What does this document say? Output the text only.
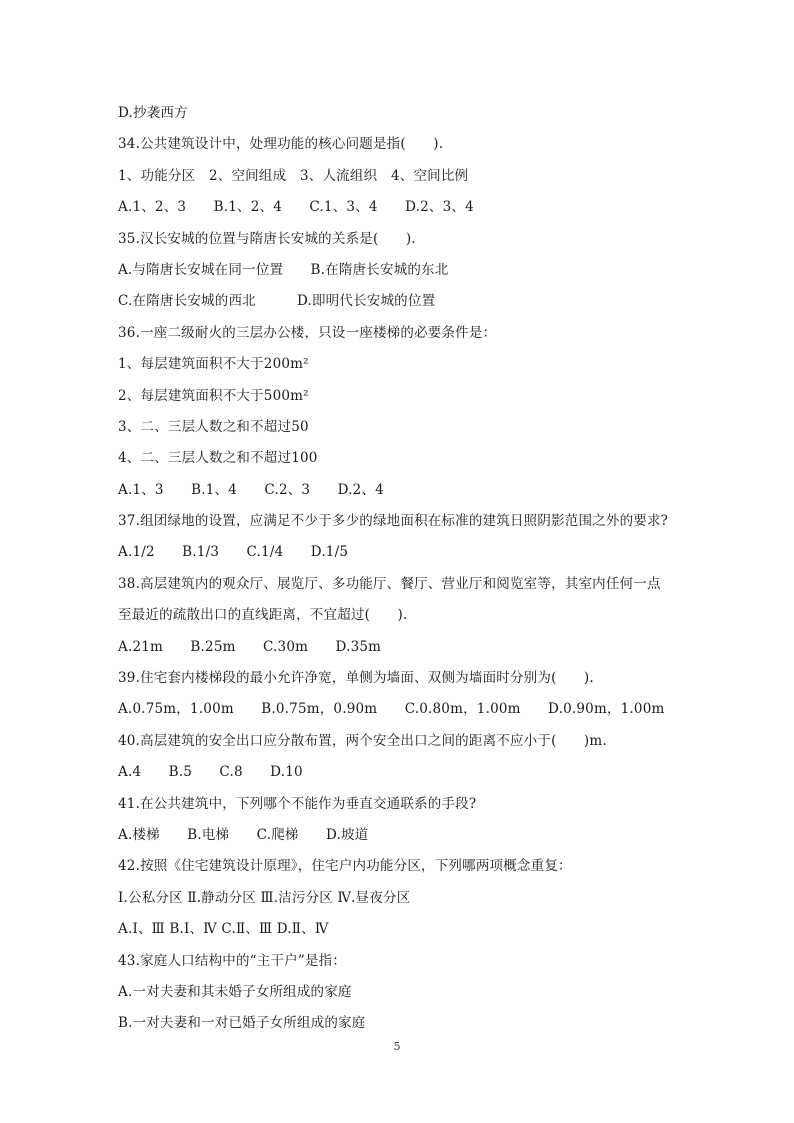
D.抄袭西方
34.公共建筑设计中，处理功能的核心问题是指(　　).
1、功能分区　2、空间组成　3、人流组织　4、空间比例
A.1、2、3　　B.1、2、4　　C.1、3、4　　D.2、3、4
35.汉长安城的位置与隋唐长安城的关系是(　　).
A.与隋唐长安城在同一位置　　B.在隋唐长安城的东北
C.在隋唐长安城的西北　　　D.即明代长安城的位置
36.一座二级耐火的三层办公楼，只设一座楼梯的必要条件是：
1、每层建筑面积不大于200m²
2、每层建筑面积不大于500m²
3、二、三层人数之和不超过50
4、二、三层人数之和不超过100
A.1、3　　B.1、4　　C.2、3　　D.2、4
37.组团绿地的设置，应满足不少于多少的绿地面积在标准的建筑日照阴影范围之外的要求?
A.1/2　　B.1/3　　C.1/4　　D.1/5
38.高层建筑内的观众厅、展览厅、多功能厅、餐厅、营业厅和阅览室等，其室内任何一点
至最近的疏散出口的直线距离，不宜超过(　　).
A.21m　　B.25m　　C.30m　　D.35m
39.住宅套内楼梯段的最小允许净宽，单侧为墙面、双侧为墙面时分别为(　　).
A.0.75m，1.00m　　B.0.75m，0.90m　　C.0.80m，1.00m　　D.0.90m，1.00m
40.高层建筑的安全出口应分散布置，两个安全出口之间的距离不应小于(　　)m.
A.4　　B.5　　C.8　　D.10
41.在公共建筑中，下列哪个不能作为垂直交通联系的手段?
A.楼梯　　B.电梯　　C.爬梯　　D.坡道
42.按照《住宅建筑设计原理》，住宅户内功能分区，下列哪两项概念重复：
Ⅰ.公私分区 Ⅱ.静动分区 Ⅲ.洁污分区 Ⅳ.昼夜分区
A.Ⅰ、Ⅲ B.Ⅰ、Ⅳ C.Ⅱ、Ⅲ D.Ⅱ、Ⅳ
43.家庭人口结构中的“主干户”是指：
A.一对夫妻和其未婚子女所组成的家庭
B.一对夫妻和一对已婚子女所组成的家庭
5
